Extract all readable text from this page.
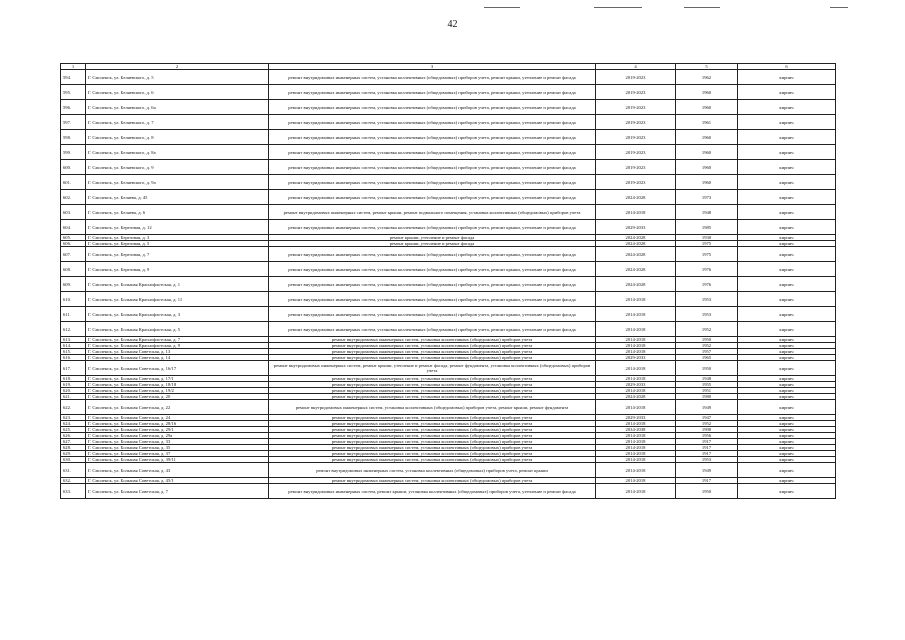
42
1	2	3	4	5	6
594.	Г. Смоленск, ул. Беляевского, д. 5	ремонт внутридомовых инженерных систем, установка коллективных (общедомовых) приборов учета, ремонт крыши, утепление и ремонт фасада	2019-2023	1962	кирпич
595.	Г. Смоленск, ул. Беляевского, д. 6	ремонт внутридомовых инженерных систем, установка коллективных (общедомовых) приборов учета, ремонт крыши, утепление и ремонт фасада	2019-2023	1960	кирпич
596.	Г. Смоленск, ул. Беляевского, д. 6а	ремонт внутридомовых инженерных систем, установка коллективных (общедомовых) приборов учета, ремонт крыши, утепление и ремонт фасада	2019-2023	1960	кирпич
597.	Г. Смоленск, ул. Беляевского, д. 7	ремонт внутридомовых инженерных систем, установка коллективных (общедомовых) приборов учета, ремонт крыши, утепление и ремонт фасада	2019-2023	1961	кирпич
598.	Г. Смоленск, ул. Беляевского, д. 8	ремонт внутридомовых инженерных систем, установка коллективных (общедомовых) приборов учета, ремонт крыши, утепление и ремонт фасада	2019-2023	1960	кирпич
599.	Г. Смоленск, ул. Беляевского, д. 8а	ремонт внутридомовых инженерных систем, установка коллективных (общедомовых) приборов учета, ремонт крыши, утепление и ремонт фасада	2019-2023	1960	кирпич
600.	Г. Смоленск, ул. Беляевского, д. 9	ремонт внутридомовых инженерных систем, установка коллективных (общедомовых) приборов учета, ремонт крыши, утепление и ремонт фасада	2019-2023	1960	кирпич
601.	Г. Смоленск, ул. Беляевского, д. 9а	ремонт внутридомовых инженерных систем, установка коллективных (общедомовых) приборов учета, ремонт крыши, утепление и ремонт фасада	2019-2023	1960	кирпич
602.	Г. Смоленск, ул. Беляева, д. 45	ремонт внутридомовых инженерных систем, установка коллективных (общедомовых) приборов учета, ремонт крыши, утепление и ремонт фасада	2024-2028	1973	кирпич
603.	Г. Смоленск, ул. Беляева, д. 6	ремонт внутридомовых инженерных систем, ремонт крыши, ремонт подвального помещения, установка коллективных (общедомовых) приборов учета	2014-2018	1948	кирпич
604.	Г. Смоленск, ул. Березовая, д. 12	ремонт внутридомовых инженерных систем, установка коллективных (общедомовых) приборов учета, ремонт крыши, утепление и ремонт фасада	2029-2033	1985	кирпич
605.	Г. Смоленск, ул. Березовая, д. 3	ремонт крыши, утепление и ремонт фасада	2024-2028	1930	кирпич
606.	Г. Смоленск, ул. Березовая, д. 5	ремонт крыши, утепление и ремонт фасада	2024-2028	1975	кирпич
607.	Г. Смоленск, ул. Березовая, д. 7	ремонт внутридомовых инженерных систем, установка коллективных (общедомовых) приборов учета, ремонт крыши, утепление и ремонт фасада	2024-2028	1975	кирпич
608.	Г. Смоленск, ул. Березовая, д. 9	ремонт внутридомовых инженерных систем, установка коллективных (общедомовых) приборов учета, ремонт крыши, утепление и ремонт фасада	2024-2028	1976	кирпич
609.	Г. Смоленск, ул. Большая Краснофлотская, д. 1	ремонт внутридомовых инженерных систем, установка коллективных (общедомовых) приборов учета, ремонт крыши, утепление и ремонт фасада	2024-2028	1976	кирпич
610.	Г. Смоленск, ул. Большая Краснофлотская, д. 11	ремонт внутридомовых инженерных систем, установка коллективных (общедомовых) приборов учета, ремонт крыши, утепление и ремонт фасада	2014-2018	1953	кирпич
611.	Г. Смоленск, ул. Большая Краснофлотская, д. 3	ремонт внутридомовых инженерных систем, установка коллективных (общедомовых) приборов учета, ремонт крыши, утепление и ремонт фасада	2014-2018	1953	кирпич
612.	Г. Смоленск, ул. Большая Краснофлотская, д. 5	ремонт внутридомовых инженерных систем, установка коллективных (общедомовых) приборов учета, ремонт крыши, утепление и ремонт фасада	2014-2018	1952	кирпич
613.	Г. Смоленск, ул. Большая Краснофлотская, д. 7	ремонт внутридомовых инженерных систем, установка коллективных (общедомовых) приборов учета	2014-2018	1950	кирпич
614.	Г. Смоленск, ул. Большая Краснофлотская, д. 9	ремонт внутридомовых инженерных систем, установка коллективных (общедомовых) приборов учета	2014-2018	1952	кирпич
615.	Г. Смоленск, ул. Большая Советская, д. 13	ремонт внутридомовых инженерных систем, установка коллективных (общедомовых) приборов учета	2014-2018	1957	кирпич
616.	Г. Смоленск, ул. Большая Советская, д. 14	ремонт внутридомовых инженерных систем, установка коллективных (общедомовых) приборов учета	2029-2033	1965	кирпич
617.	Г. Смоленск, ул. Большая Советская, д. 16/17	ремонт внутридомовых инженерных систем, ремонт крыши, утепление и ремонт фасада, ремонт фундамента, установка коллективных (общедомовых) приборов учета	2014-2018	1950	кирпич
618.	Г. Смоленск, ул. Большая Советская, д. 17/1	ремонт внутридомовых инженерных систем, установка коллективных (общедомовых) приборов учета	2014-2018	1948	кирпич
619.	Г. Смоленск, ул. Большая Советская, д. 18/18	ремонт внутридомовых инженерных систем, установка коллективных (общедомовых) приборов учета	2029-2033	1955	кирпич
620.	Г. Смоленск, ул. Большая Советская, д. 19/2	ремонт внутридомовых инженерных систем, установка коллективных (общедомовых) приборов учета	2014-2018	1951	кирпич
621.	Г. Смоленск, ул. Большая Советская, д. 20	ремонт внутридомовых инженерных систем, установка коллективных (общедомовых) приборов учета	2024-2028	1980	кирпич
622.	Г. Смоленск, ул. Большая Советская, д. 22	ремонт внутридомовых инженерных систем, установка коллективных (общедомовых) приборов учета, ремонт крыши, ремонт фундамента	2014-2018	1949	кирпич
623.	Г. Смоленск, ул. Большая Советская, д. 24	ремонт внутридомовых инженерных систем, установка коллективных (общедомовых) приборов учета	2029-2033	1947	кирпич
624.	Г. Смоленск, ул. Большая Советская, д. 28/16	ремонт внутридомовых инженерных систем, установка коллективных (общедомовых) приборов учета	2014-2018	1952	кирпич
625.	Г. Смоленск, ул. Большая Советская, д. 29/1	ремонт внутридомовых инженерных систем, установка коллективных (общедомовых) приборов учета	2034-2038	1998	кирпич
626.	Г. Смоленск, ул. Большая Советская, д. 29а	ремонт внутридомовых инженерных систем, установка коллективных (общедомовых) приборов учета	2014-2018	1956	кирпич
627.	Г. Смоленск, ул. Большая Советская, д. 33	ремонт внутридомовых инженерных систем, установка коллективных (общедомовых) приборов учета	2014-2018	1917	кирпич
628.	Г. Смоленск, ул. Большая Советская, д. 35	ремонт внутридомовых инженерных систем, установка коллективных (общедомовых) приборов учета	2014-2018	1917	кирпич
629.	Г. Смоленск, ул. Большая Советская, д. 37	ремонт внутридомовых инженерных систем, установка коллективных (общедомовых) приборов учета	2014-2018	1917	кирпич
630.	Г. Смоленск, ул. Большая Советская, д. 39/11	ремонт внутридомовых инженерных систем, установка коллективных (общедомовых) приборов учета	2014-2018	1953	кирпич
631.	Г. Смоленск, ул. Большая Советская, д. 43	ремонт внутридомовых инженерных систем, установка коллективных (общедомовых) приборов учета, ремонт крыши	2014-2018	1949	кирпич
632.	Г. Смоленск, ул. Большая Советская, д. 45/1	ремонт внутридомовых инженерных систем, установка коллективных (общедомовых) приборов учета	2014-2018	1917	кирпич
633.	Г. Смоленск, ул. Большая Советская, д. 7	ремонт внутридомовых инженерных систем, ремонт крыши, установка коллективных (общедомовых) приборов учета, утепление и ремонт фасада	2014-2018	1950	кирпич
